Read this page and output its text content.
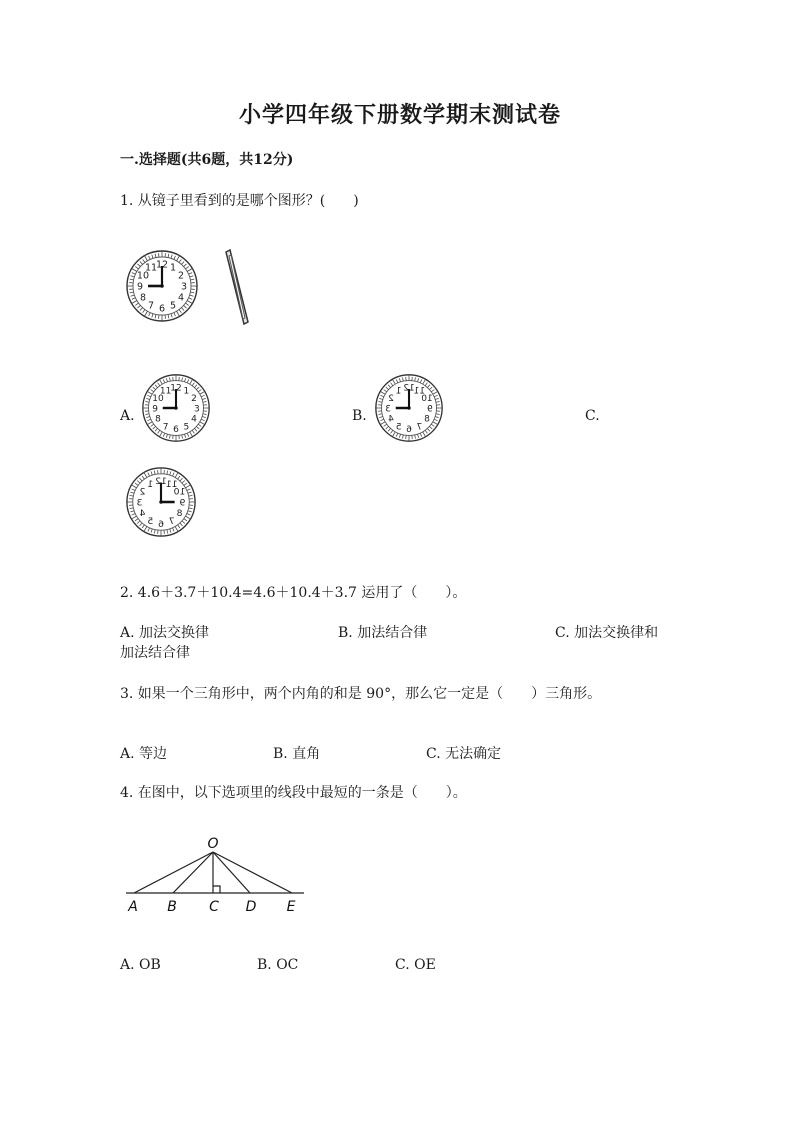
小学四年级下册数学期末测试卷
一.选择题(共6题，共12分)
1. 从镜子里看到的是哪个图形？(　　)
12 1
2
3
4
5
6
7
8
9
10
11
A.
12 1
2
3
4
5
6
7
8
9
10
11
B.
12
1
2
3
4
5 6 7
8
9
10
11
C.
12
1
2
3
4
5 6 7
8
9
10
11
2. 4.6＋3.7＋10.4=4.6＋10.4＋3.7 运用了（　　）。
A. 加法交换律	B. 加法结合律	C. 加法交换律和
加法结合律
3. 如果一个三角形中，两个内角的和是 90°，那么它一定是（　　）三角形。
A. 等边	B. 直角	C. 无法确定
4. 在图中，以下选项里的线段中最短的一条是（　　）。
O
A B C D E
A. OB	B. OC	C. OE
